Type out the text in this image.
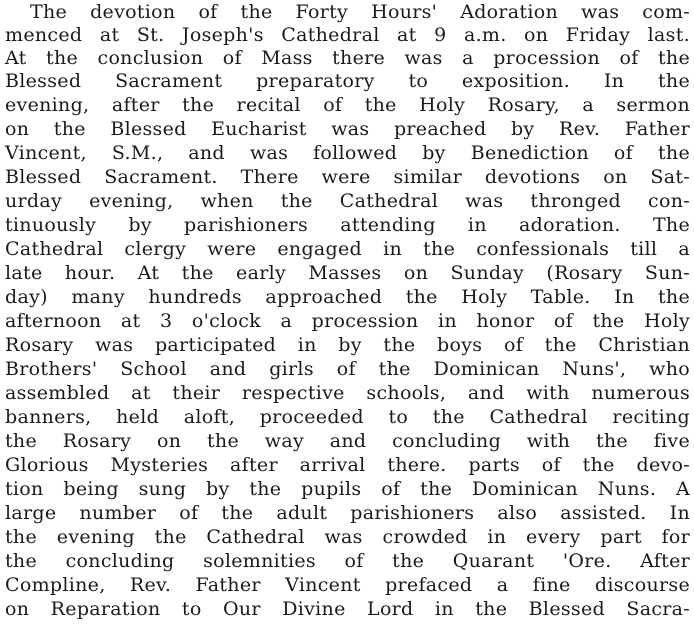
The devotion of the Forty Hours' Adoration was com-
menced at St. Joseph's Cathedral at 9 a.m. on Friday last.
At the conclusion of Mass there was a procession of the
Blessed Sacrament preparatory to exposition. In the
evening, after the recital of the Holy Rosary, a sermon
on the Blessed Eucharist was preached by Rev. Father
Vincent, S.M., and was followed by Benediction of the
Blessed Sacrament. There were similar devotions on Sat-
urday evening, when the Cathedral was thronged con-
tinuously by parishioners attending in adoration. The
Cathedral clergy were engaged in the confessionals till a
late hour. At the early Masses on Sunday (Rosary Sun-
day) many hundreds approached the Holy Table. In the
afternoon at 3 o'clock a procession in honor of the Holy
Rosary was participated in by the boys of the Christian
Brothers' School and girls of the Dominican Nuns', who
assembled at their respective schools, and with numerous
banners, held aloft, proceeded to the Cathedral reciting
the Rosary on the way and concluding with the five
Glorious Mysteries after arrival there. parts of the devo-
tion being sung by the pupils of the Dominican Nuns. A
large number of the adult parishioners also assisted. In
the evening the Cathedral was crowded in every part for
the concluding solemnities of the Quarant 'Ore. After
Compline, Rev. Father Vincent prefaced a fine discourse
on Reparation to Our Divine Lord in the Blessed Sacra-
